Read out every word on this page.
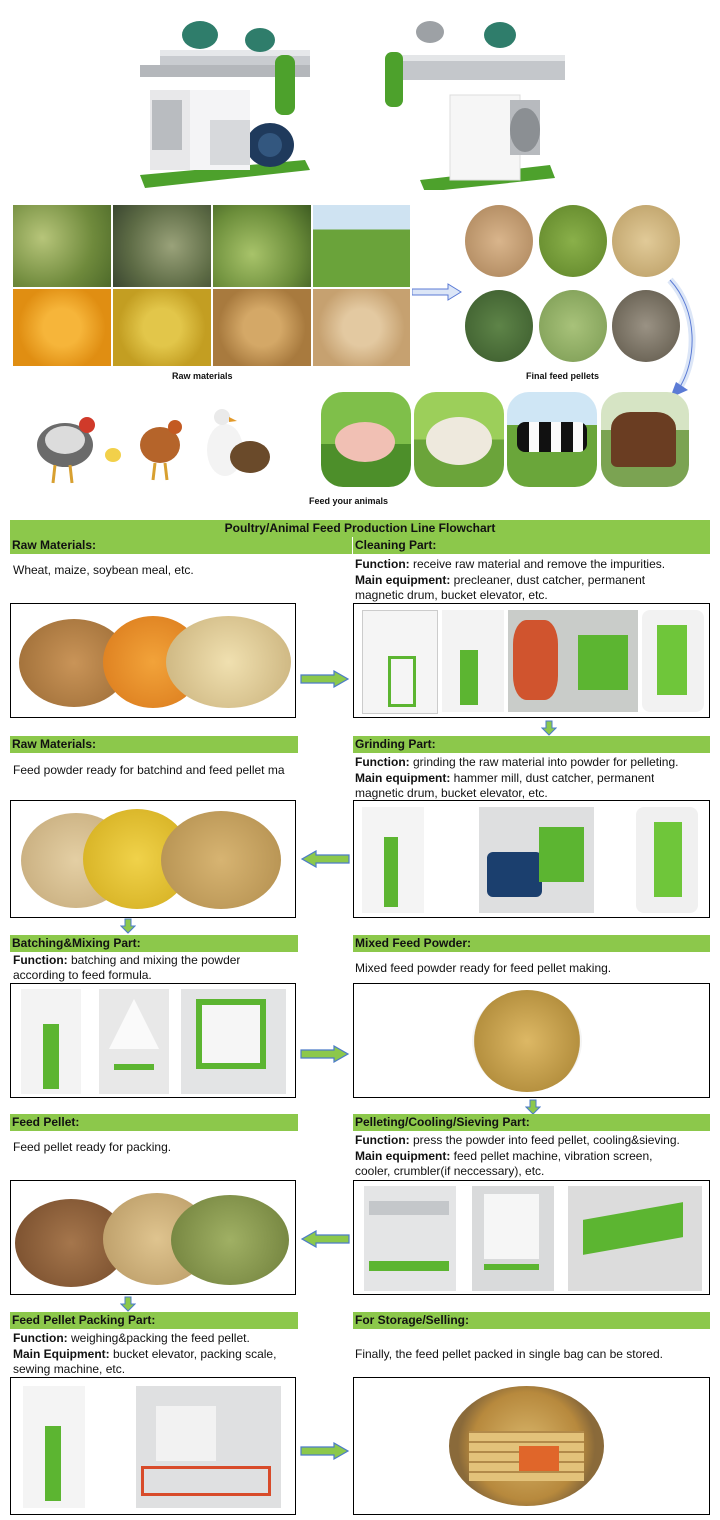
Raw materials	Final feed pellets
Feed your animals
Poultry/Animal Feed Production Line Flowchart
Raw Materials:	Cleaning Part:
Wheat, maize, soybean meal, etc.	Function: receive raw material and remove the impurities.
Main equipment: precleaner, dust catcher, permanent
magnetic drum, bucket elevator, etc.
Raw Materials:	Grinding Part:
Feed powder ready for batchind and feed pellet ma
Function: grinding the raw material into powder for pelleting.
Main equipment: hammer mill, dust catcher, permanent
magnetic drum, bucket elevator, etc.
Batching&Mixing Part:	Mixed Feed Powder:
Function: batching and mixing the powder
according to feed formula.	Mixed feed powder ready for feed pellet making.
Feed Pellet:	Pelleting/Cooling/Sieving Part:
Feed pellet ready for packing.	Function: press the powder into feed pellet, cooling&sieving.
Main equipment: feed pellet machine, vibration screen,
cooler, crumbler(if neccessary), etc.
Feed Pellet Packing Part:	For Storage/Selling:
Function: weighing&packing the feed pellet.
Main Equipment: bucket elevator, packing scale,
sewing machine, etc.
Finally, the feed pellet packed in single bag can be stored.
